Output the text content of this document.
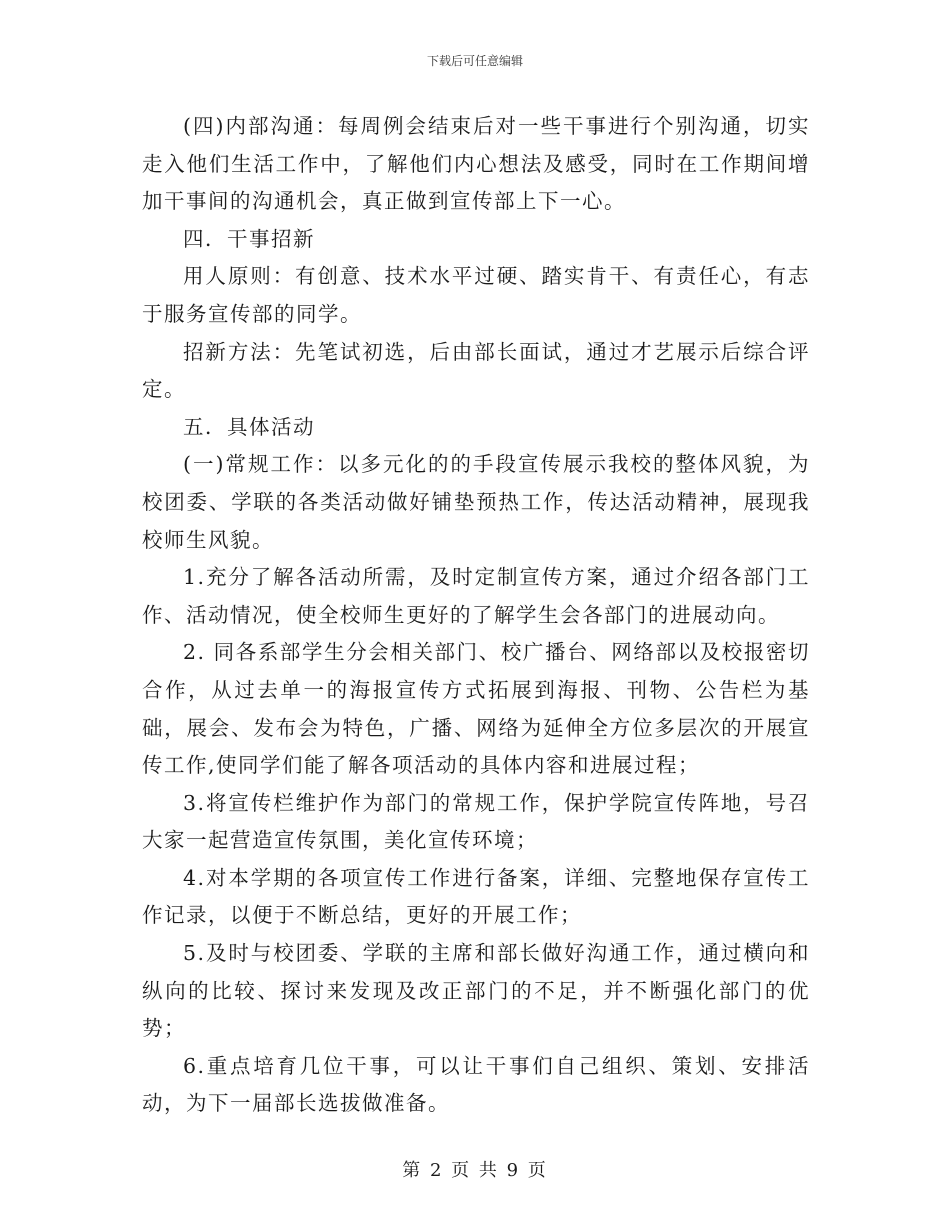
下载后可任意编辑

(四)内部沟通：每周例会结束后对一些干事进行个别沟通，切实走入他们生活工作中，了解他们内心想法及感受，同时在工作期间增加干事间的沟通机会，真正做到宣传部上下一心。

四．干事招新

用人原则：有创意、技术水平过硬、踏实肯干、有责任心，有志于服务宣传部的同学。

招新方法：先笔试初选，后由部长面试，通过才艺展示后综合评定。

五．具体活动

(一)常规工作：以多元化的的手段宣传展示我校的整体风貌，为校团委、学联的各类活动做好铺垫预热工作，传达活动精神，展现我校师生风貌。

1.充分了解各活动所需，及时定制宣传方案，通过介绍各部门工作、活动情况，使全校师生更好的了解学生会各部门的进展动向。

2. 同各系部学生分会相关部门、校广播台、网络部以及校报密切合作，从过去单一的海报宣传方式拓展到海报、刊物、公告栏为基础，展会、发布会为特色，广播、网络为延伸全方位多层次的开展宣传工作,使同学们能了解各项活动的具体内容和进展过程；

3.将宣传栏维护作为部门的常规工作，保护学院宣传阵地，号召大家一起营造宣传氛围，美化宣传环境；

4.对本学期的各项宣传工作进行备案，详细、完整地保存宣传工作记录，以便于不断总结，更好的开展工作；

5.及时与校团委、学联的主席和部长做好沟通工作，通过横向和纵向的比较、探讨来发现及改正部门的不足，并不断强化部门的优势；

6.重点培育几位干事，可以让干事们自己组织、策划、安排活动，为下一届部长选拔做准备。

第 2 页 共 9 页
